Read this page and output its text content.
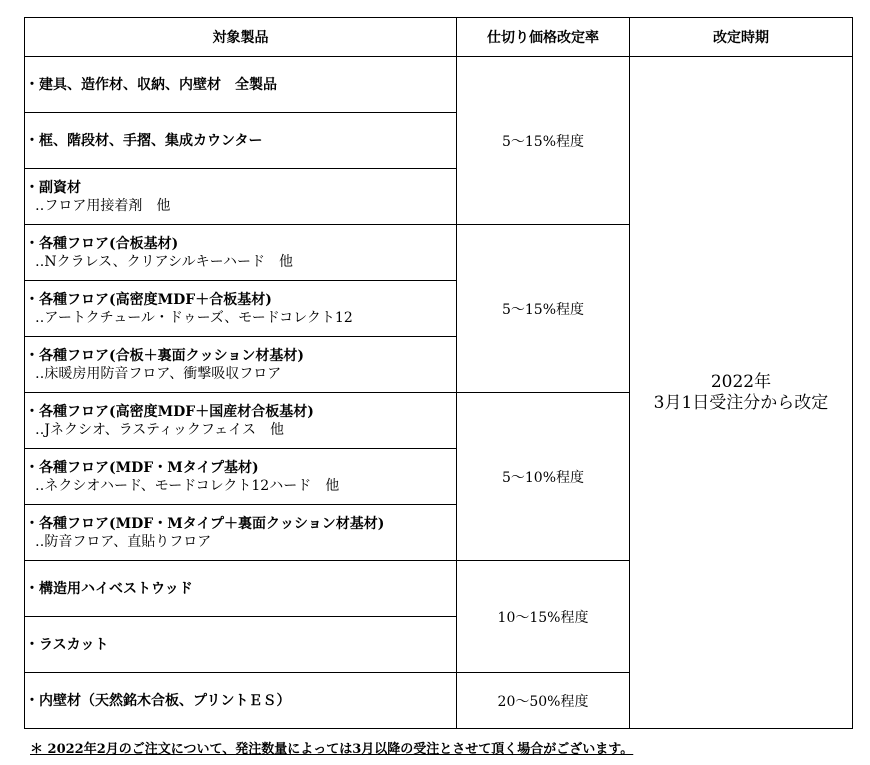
対象製品	仕切り価格改定率	改定時期

・建具、造作材、収納、内壁材　全製品	5～15%程度	2022年
3月1日受注分から改定

・框、階段材、手摺、集成カウンター		

・副資材
‥フロア用接着剤　他		

・各種フロア(合板基材)
‥Nクラレス、クリアシルキーハード　他	5～15%程度	

・各種フロア(高密度MDF＋合板基材)
‥アートクチュール・ドゥーズ、モードコレクト12		

・各種フロア(合板＋裏面クッション材基材)
‥床暖房用防音フロア、衝撃吸収フロア		

・各種フロア(高密度MDF＋国産材合板基材)
‥Jネクシオ、ラスティックフェイス　他	5～10%程度	

・各種フロア(MDF・Mタイプ基材)
‥ネクシオハード、モードコレクト12ハード　他		

・各種フロア(MDF・Mタイプ＋裏面クッション材基材)
‥防音フロア、直貼りフロア		

・構造用ハイベストウッド	10～15%程度	

・ラスカット		

・内壁材（天然銘木合板、プリントＥＳ）	20～50%程度	
＊ 2022年2月のご注文について、発注数量によっては3月以降の受注とさせて頂く場合がございます。
